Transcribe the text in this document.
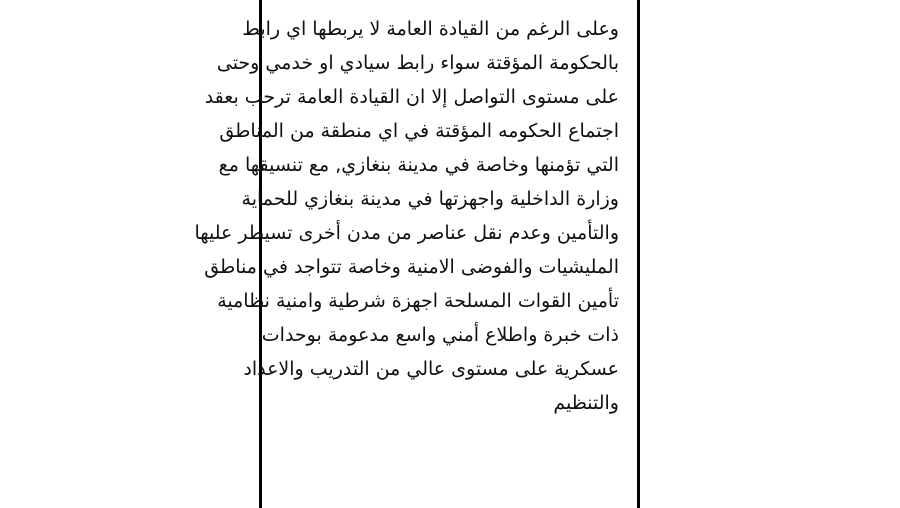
وعلى الرغم من القيادة العامة لا يربطها اي رابط
بالحكومة المؤقتة سواء رابط سيادي او خدمي وحتى
على مستوى التواصل إلا ان القيادة العامة ترحب بعقد
اجتماع الحكومه المؤقتة في اي منطقة من المناطق
التي تؤمنها وخاصة في مدينة بنغازي, مع تنسيقها مع
وزارة الداخلية واجهزتها في مدينة بنغازي للحماية
والتأمين وعدم نقل عناصر من مدن أخرى تسيطر عليها
المليشيات والفوضى الامنية وخاصة تتواجد في مناطق
تأمين القوات المسلحة اجهزة شرطية وامنية نظامية
ذات خبرة واطلاع أمني واسع مدعومة بوحدات
عسكرية على مستوى عالي من التدريب والاعداد
والتنظيم
